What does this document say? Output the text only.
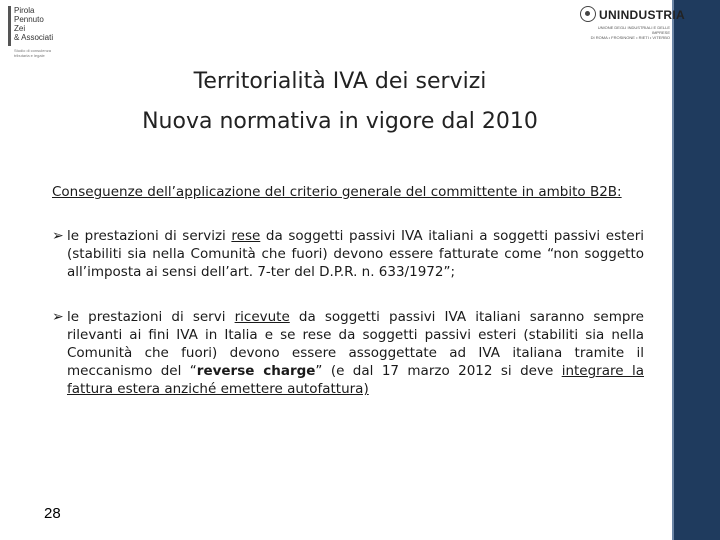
Pirola
Pennuto
Zei
& Associati
Studio di consulenza
tributaria e legale
UNINDUSTRIA
UNIONE DEGLI INDUSTRIALI E DELLE IMPRESE
DI ROMA • FROSINONE • RIETI • VITERBO
Territorialità IVA dei servizi
Nuova normativa in vigore dal 2010

Conseguenze dell’applicazione del criterio generale del committente in ambito B2B:

➢ le prestazioni di servizi rese da soggetti passivi IVA italiani a soggetti passivi esteri (stabiliti sia nella Comunità che fuori) devono essere fatturate come “non soggetto all’imposta ai sensi dell’art. 7-ter del D.P.R. n. 633/1972”;
➢ le prestazioni di servi ricevute da soggetti passivi IVA italiani saranno sempre rilevanti ai fini IVA in Italia e se rese da soggetti passivi esteri (stabiliti sia nella Comunità che fuori) devono essere assoggettate ad IVA italiana tramite il meccanismo del “reverse charge” (e dal 17 marzo 2012 si deve integrare la fattura estera anziché emettere autofattura)
28
